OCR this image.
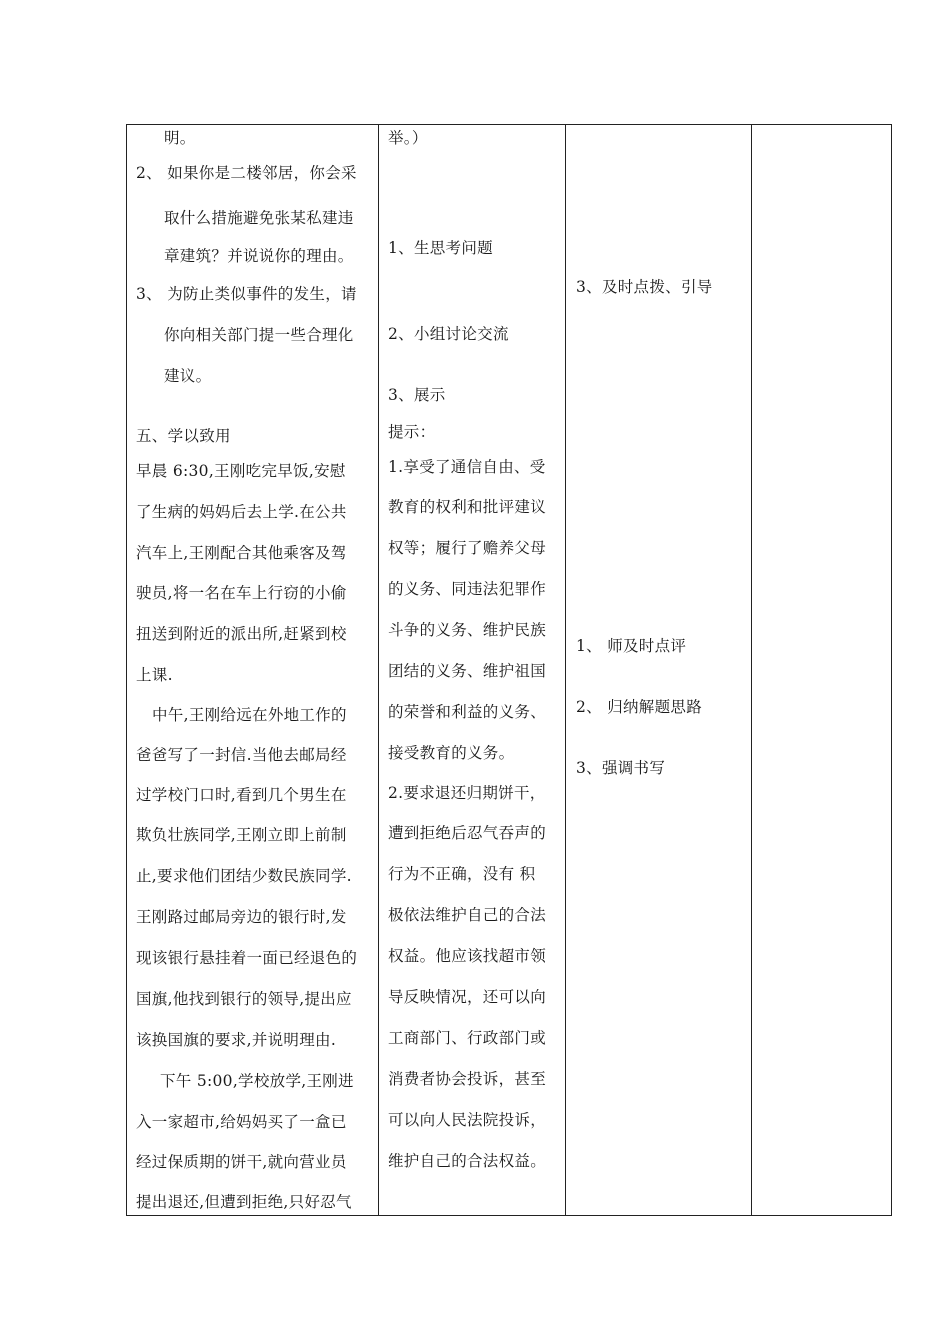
明。
2、 如果你是二楼邻居，你会采
取什么措施避免张某私建违
章建筑？并说说你的理由。
3、 为防止类似事件的发生，请
你向相关部门提一些合理化
建议。
五、学以致用
早晨 6:30,王刚吃完早饭,安慰
了生病的妈妈后去上学.在公共
汽车上,王刚配合其他乘客及驾
驶员,将一名在车上行窃的小偷
扭送到附近的派出所,赶紧到校
上课.
中午,王刚给远在外地工作的
爸爸写了一封信.当他去邮局经
过学校门口时,看到几个男生在
欺负壮族同学,王刚立即上前制
止,要求他们团结少数民族同学.
王刚路过邮局旁边的银行时,发
现该银行悬挂着一面已经退色的
国旗,他找到银行的领导,提出应
该换国旗的要求,并说明理由.
下午 5:00,学校放学,王刚进
入一家超市,给妈妈买了一盒已
经过保质期的饼干,就向营业员
提出退还,但遭到拒绝,只好忍气
举。）
1、生思考问题
2、小组讨论交流
3、展示
提示：
1.享受了通信自由、受
教育的权利和批评建议
权等；履行了赡养父母
的义务、同违法犯罪作
斗争的义务、维护民族
团结的义务、维护祖国
的荣誉和利益的义务、
接受教育的义务。
2.要求退还归期饼干，
遭到拒绝后忍气吞声的
行为不正确，没有 积
极依法维护自己的合法
权益。他应该找超市领
导反映情况，还可以向
工商部门、行政部门或
消费者协会投诉，甚至
可以向人民法院投诉，
维护自己的合法权益。
3、及时点拨、引导
1、 师及时点评
2、 归纳解题思路
3、强调书写
